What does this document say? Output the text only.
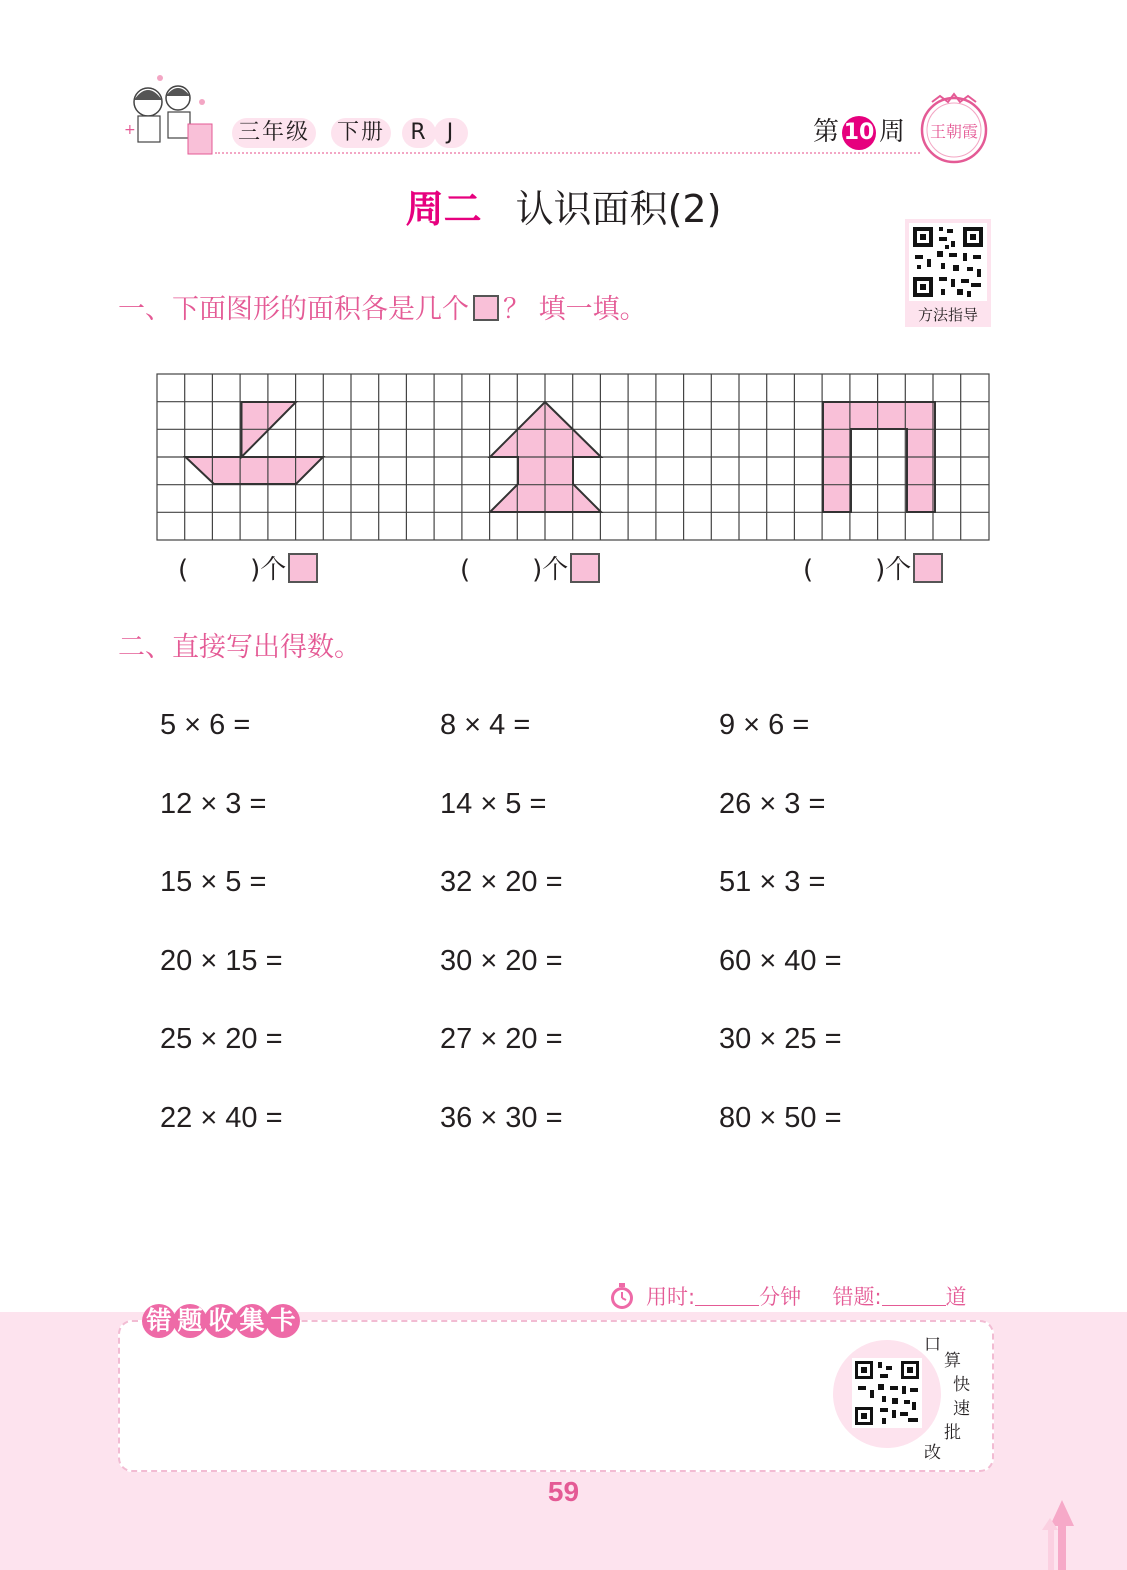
+	三年级 下册	R J	第 10 周 王朝霞
周二 认识面积(2)
方法指导
一、下面图形的面积各是几个 ？ 填一填。
( )个	( )个	( )个
二、直接写出得数。
5 × 6 =	8 × 4 =	9 × 6 =
12 × 3 =	14 × 5 =	26 × 3 =
15 × 5 =	32 × 20 =	51 × 3 =
20 × 15 =	30 × 20 =	60 × 40 =
25 × 20 =	27 × 20 =	30 × 25 =
22 × 40 =	36 × 30 =	80 × 50 =
用时:	分钟 错题:	道
错 题 收 集 卡
口
算
快
速
批
改
59
